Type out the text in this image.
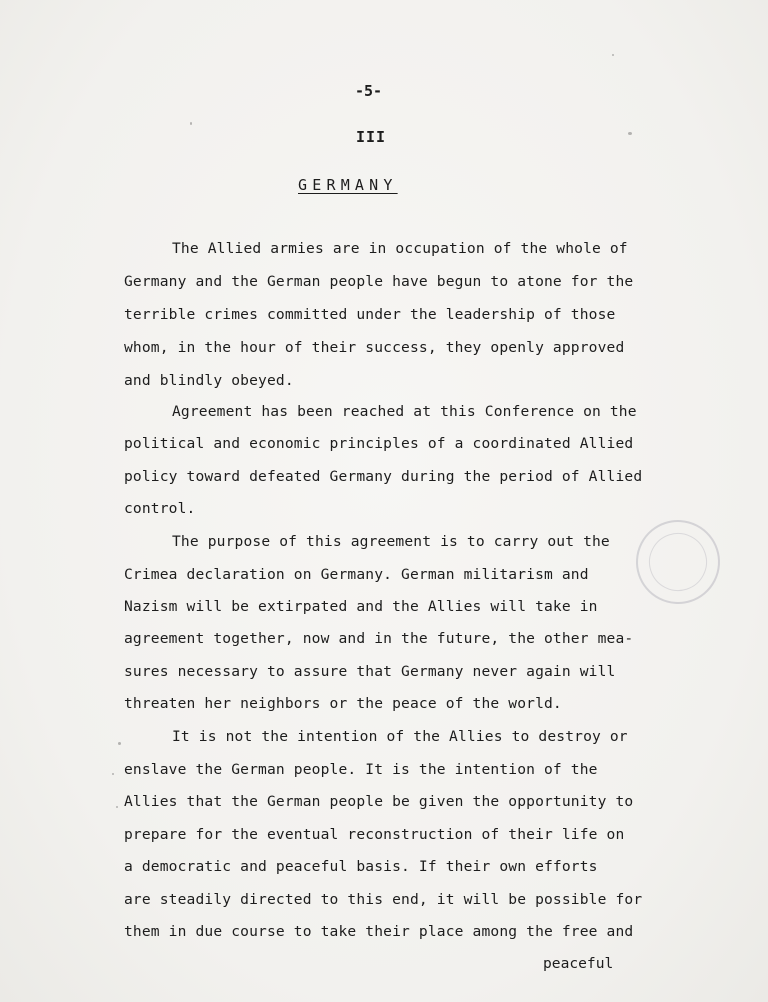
-5-
III
GERMANY
The Allied armies are in occupation of the whole of
Germany and the German people have begun to atone for the
terrible crimes committed under the leadership of those
whom, in the hour of their success, they openly approved
and blindly obeyed.
Agreement has been reached at this Conference on the
political and economic principles of a coordinated Allied
policy toward defeated Germany during the period of Allied
control.
The purpose of this agreement is to carry out the
Crimea declaration on Germany. German militarism and
Nazism will be extirpated and the Allies will take in
agreement together, now and in the future, the other mea-
sures necessary to assure that Germany never again will
threaten her neighbors or the peace of the world.
It is not the intention of the Allies to destroy or
enslave the German people. It is the intention of the
Allies that the German people be given the opportunity to
prepare for the eventual reconstruction of their life on
a democratic and peaceful basis. If their own efforts
are steadily directed to this end, it will be possible for
them in due course to take their place among the free and
peaceful
